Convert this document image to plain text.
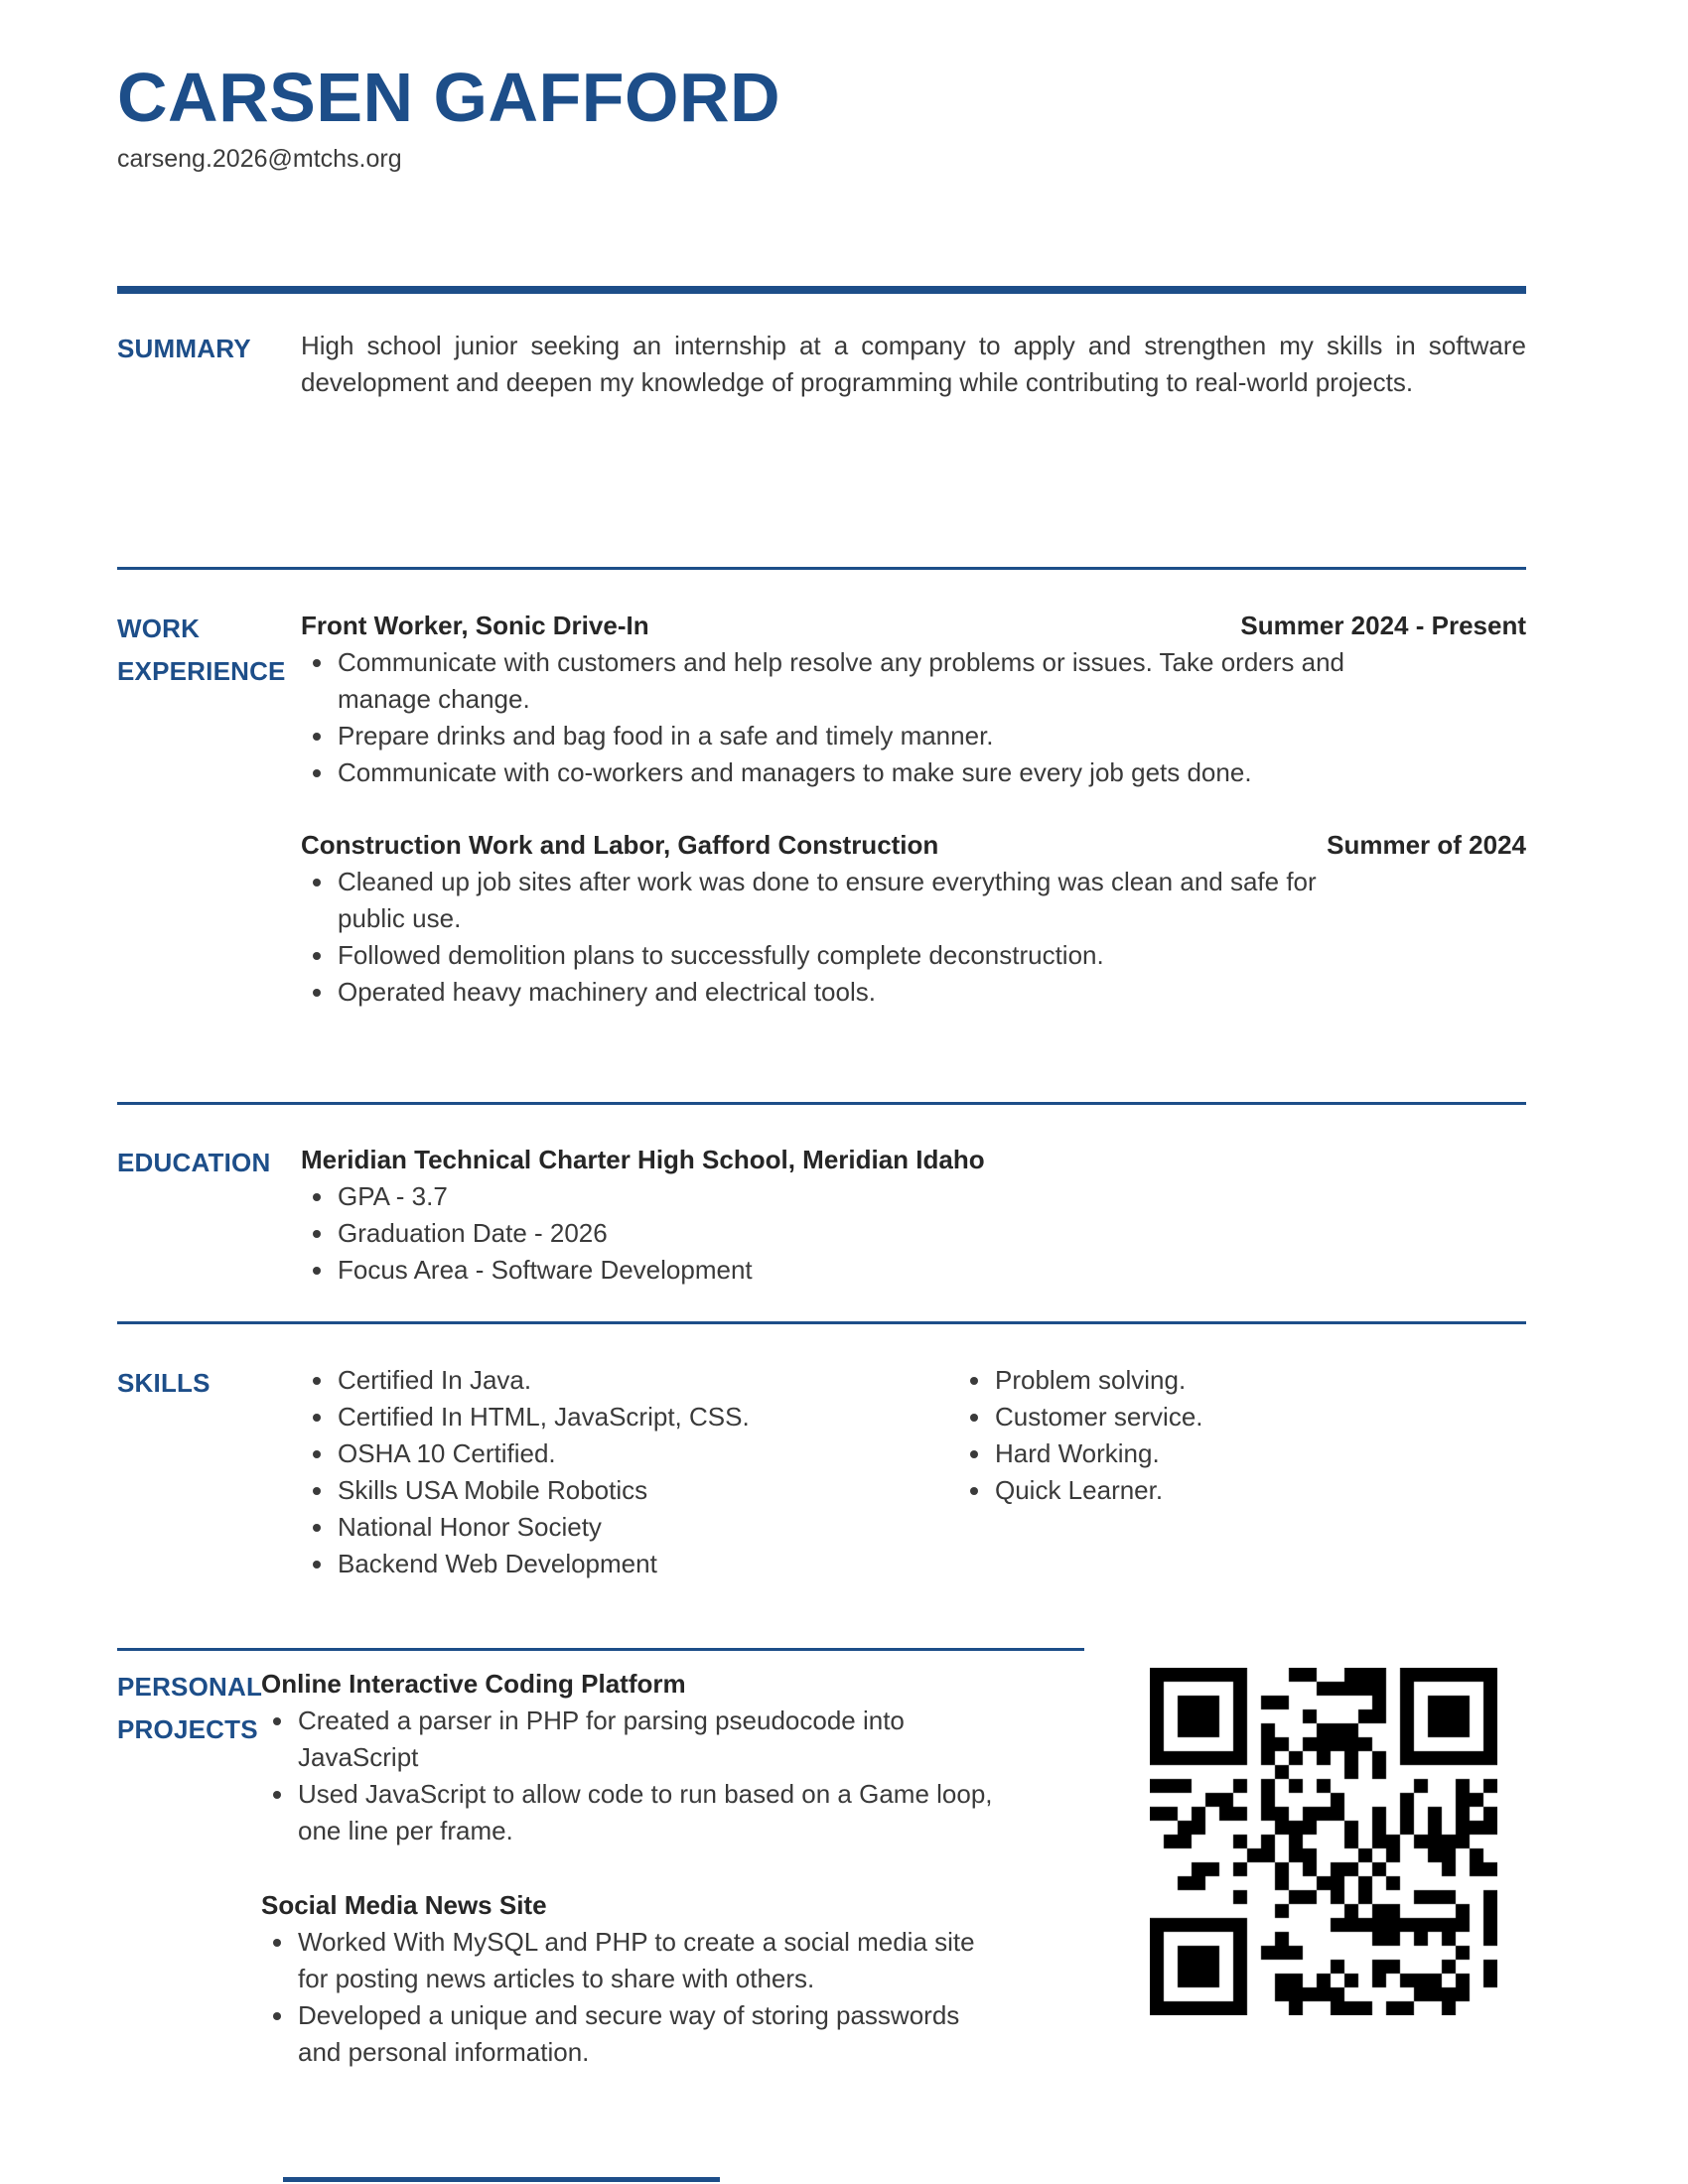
CARSEN GAFFORD
carseng.2026@mtchs.org
SUMMARY	High school junior seeking an internship at a company to apply and strengthen my skills in software development and deepen my knowledge of programming while contributing to real-world projects.
WORK EXPERIENCE
Front Worker, Sonic Drive-In	Summer 2024 - Present
• Communicate with customers and help resolve any problems or issues. Take orders and manage change.
• Prepare drinks and bag food in a safe and timely manner.
• Communicate with co-workers and managers to make sure every job gets done.
Construction Work and Labor, Gafford Construction	Summer of 2024
• Cleaned up job sites after work was done to ensure everything was clean and safe for public use.
• Followed demolition plans to successfully complete deconstruction.
• Operated heavy machinery and electrical tools.
EDUCATION	Meridian Technical Charter High School, Meridian Idaho
• GPA - 3.7
• Graduation Date - 2026
• Focus Area - Software Development
SKILLS	• Certified In Java.
• Certified In HTML, JavaScript, CSS.
• OSHA 10 Certified.
• Skills USA Mobile Robotics
• National Honor Society
• Backend Web Development
• Problem solving.
• Customer service.
• Hard Working.
• Quick Learner.
PERSONAL PROJECTS
Online Interactive Coding Platform
• Created a parser in PHP for parsing pseudocode into JavaScript
• Used JavaScript to allow code to run based on a Game loop, one line per frame.
Social Media News Site
• Worked With MySQL and PHP to create a social media site for posting news articles to share with others.
• Developed a unique and secure way of storing passwords and personal information.
